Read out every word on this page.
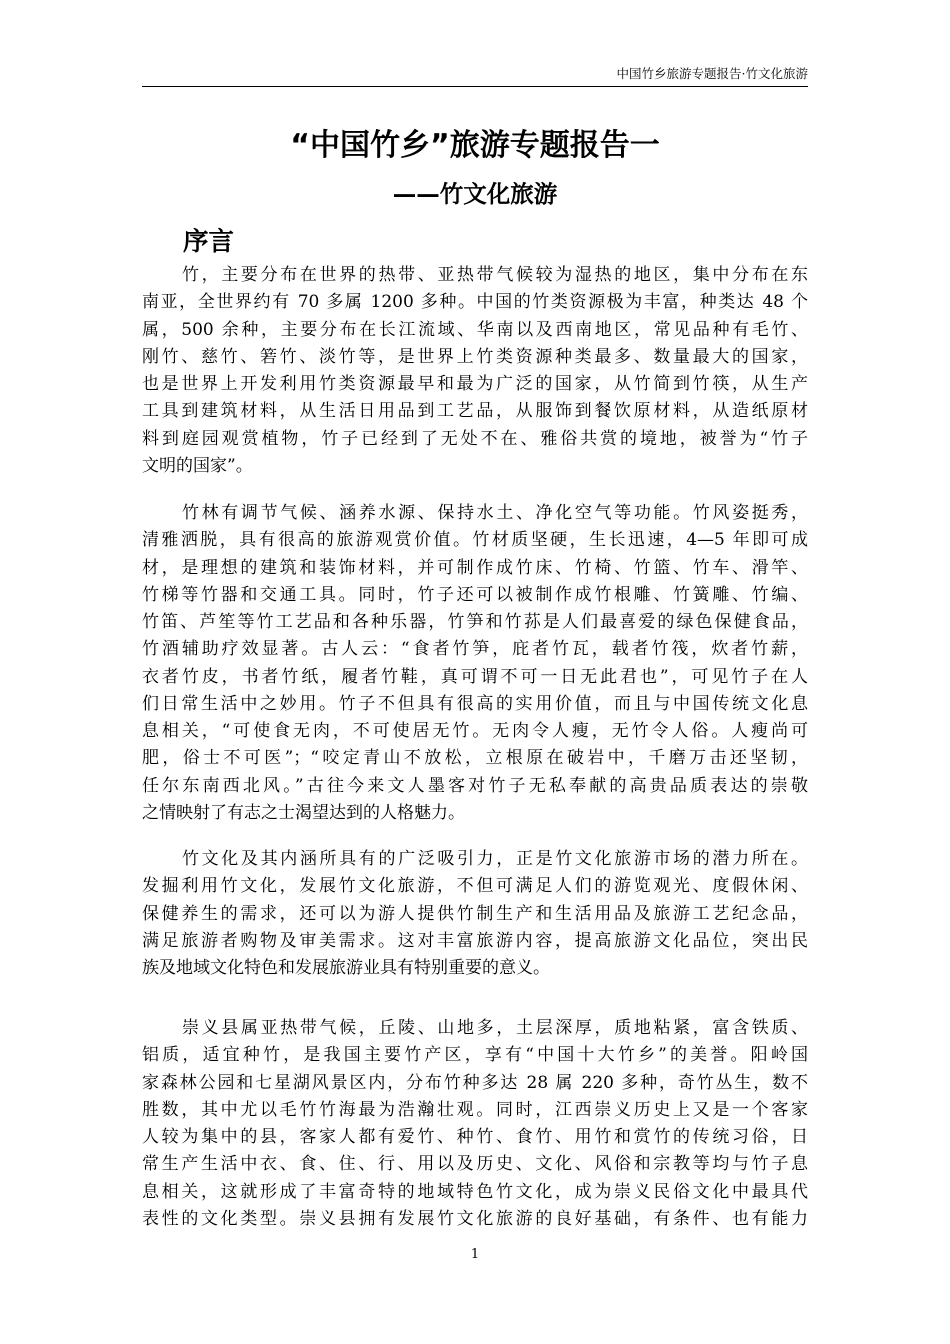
中国竹乡旅游专题报告·竹文化旅游
“中国竹乡”旅游专题报告一
——竹文化旅游
序言
竹，主要分布在世界的热带、亚热带气候较为湿热的地区，集中分布在东
南亚，全世界约有 70 多属 1200 多种。中国的竹类资源极为丰富，种类达 48 个
属，500 余种，主要分布在长江流域、华南以及西南地区，常见品种有毛竹、
刚竹、慈竹、箬竹、淡竹等，是世界上竹类资源种类最多、数量最大的国家，
也是世界上开发利用竹类资源最早和最为广泛的国家，从竹简到竹筷，从生产
工具到建筑材料，从生活日用品到工艺品，从服饰到餐饮原材料，从造纸原材
料到庭园观赏植物，竹子已经到了无处不在、雅俗共赏的境地，被誉为“竹子
文明的国家”。
竹林有调节气候、涵养水源、保持水土、净化空气等功能。竹风姿挺秀，
清雅洒脱，具有很高的旅游观赏价值。竹材质坚硬，生长迅速，4—5 年即可成
材，是理想的建筑和装饰材料，并可制作成竹床、竹椅、竹篮、竹车、滑竿、
竹梯等竹器和交通工具。同时，竹子还可以被制作成竹根雕、竹簧雕、竹编、
竹笛、芦笙等竹工艺品和各种乐器，竹笋和竹荪是人们最喜爱的绿色保健食品，
竹酒辅助疗效显著。古人云：“食者竹笋，庇者竹瓦，载者竹筏，炊者竹薪，
衣者竹皮，书者竹纸，履者竹鞋，真可谓不可一日无此君也”，可见竹子在人
们日常生活中之妙用。竹子不但具有很高的实用价值，而且与中国传统文化息
息相关，“可使食无肉，不可使居无竹。无肉令人瘦，无竹令人俗。人瘦尚可
肥，俗士不可医”；“咬定青山不放松，立根原在破岩中，千磨万击还坚韧，
任尔东南西北风。”古往今来文人墨客对竹子无私奉献的高贵品质表达的崇敬
之情映射了有志之士渴望达到的人格魅力。
竹文化及其内涵所具有的广泛吸引力，正是竹文化旅游市场的潜力所在。
发掘利用竹文化，发展竹文化旅游，不但可满足人们的游览观光、度假休闲、
保健养生的需求，还可以为游人提供竹制生产和生活用品及旅游工艺纪念品，
满足旅游者购物及审美需求。这对丰富旅游内容，提高旅游文化品位，突出民
族及地域文化特色和发展旅游业具有特别重要的意义。
崇义县属亚热带气候，丘陵、山地多，土层深厚，质地粘紧，富含铁质、
铝质，适宜种竹，是我国主要竹产区，享有“中国十大竹乡”的美誉。阳岭国
家森林公园和七星湖风景区内，分布竹种多达 28 属 220 多种，奇竹丛生，数不
胜数，其中尤以毛竹竹海最为浩瀚壮观。同时，江西崇义历史上又是一个客家
人较为集中的县，客家人都有爱竹、种竹、食竹、用竹和赏竹的传统习俗，日
常生产生活中衣、食、住、行、用以及历史、文化、风俗和宗教等均与竹子息
息相关，这就形成了丰富奇特的地域特色竹文化，成为崇义民俗文化中最具代
表性的文化类型。崇义县拥有发展竹文化旅游的良好基础，有条件、也有能力
1
